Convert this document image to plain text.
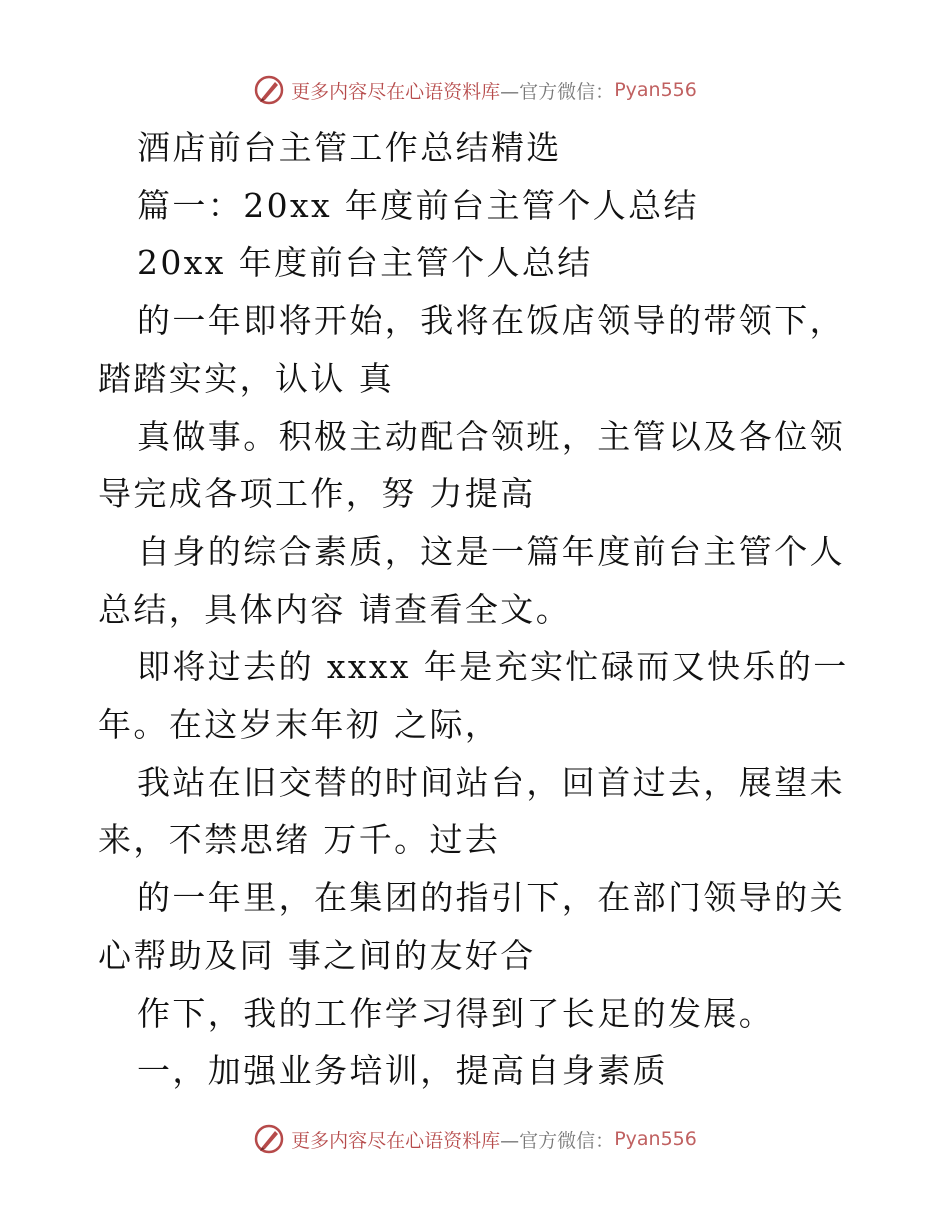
更多内容尽在心语资料库 —官方微信： Pyan556

酒店前台主管工作总结精选

篇一：20xx 年度前台主管个人总结

20xx 年度前台主管个人总结

的一年即将开始，我将在饭店领导的带领下，踏踏实实，认认 真

真做事。积极主动配合领班，主管以及各位领导完成各项工作，努 力提高

自身的综合素质，这是一篇年度前台主管个人总结，具体内容 请查看全文。

即将过去的 xxxx 年是充实忙碌而又快乐的一年。在这岁末年初 之际，

我站在旧交替的时间站台，回首过去，展望未来，不禁思绪 万千。过去

的一年里，在集团的指引下，在部门领导的关心帮助及同 事之间的友好合

作下，我的工作学习得到了长足的发展。

一，加强业务培训，提高自身素质

更多内容尽在心语资料库 —官方微信： Pyan556
